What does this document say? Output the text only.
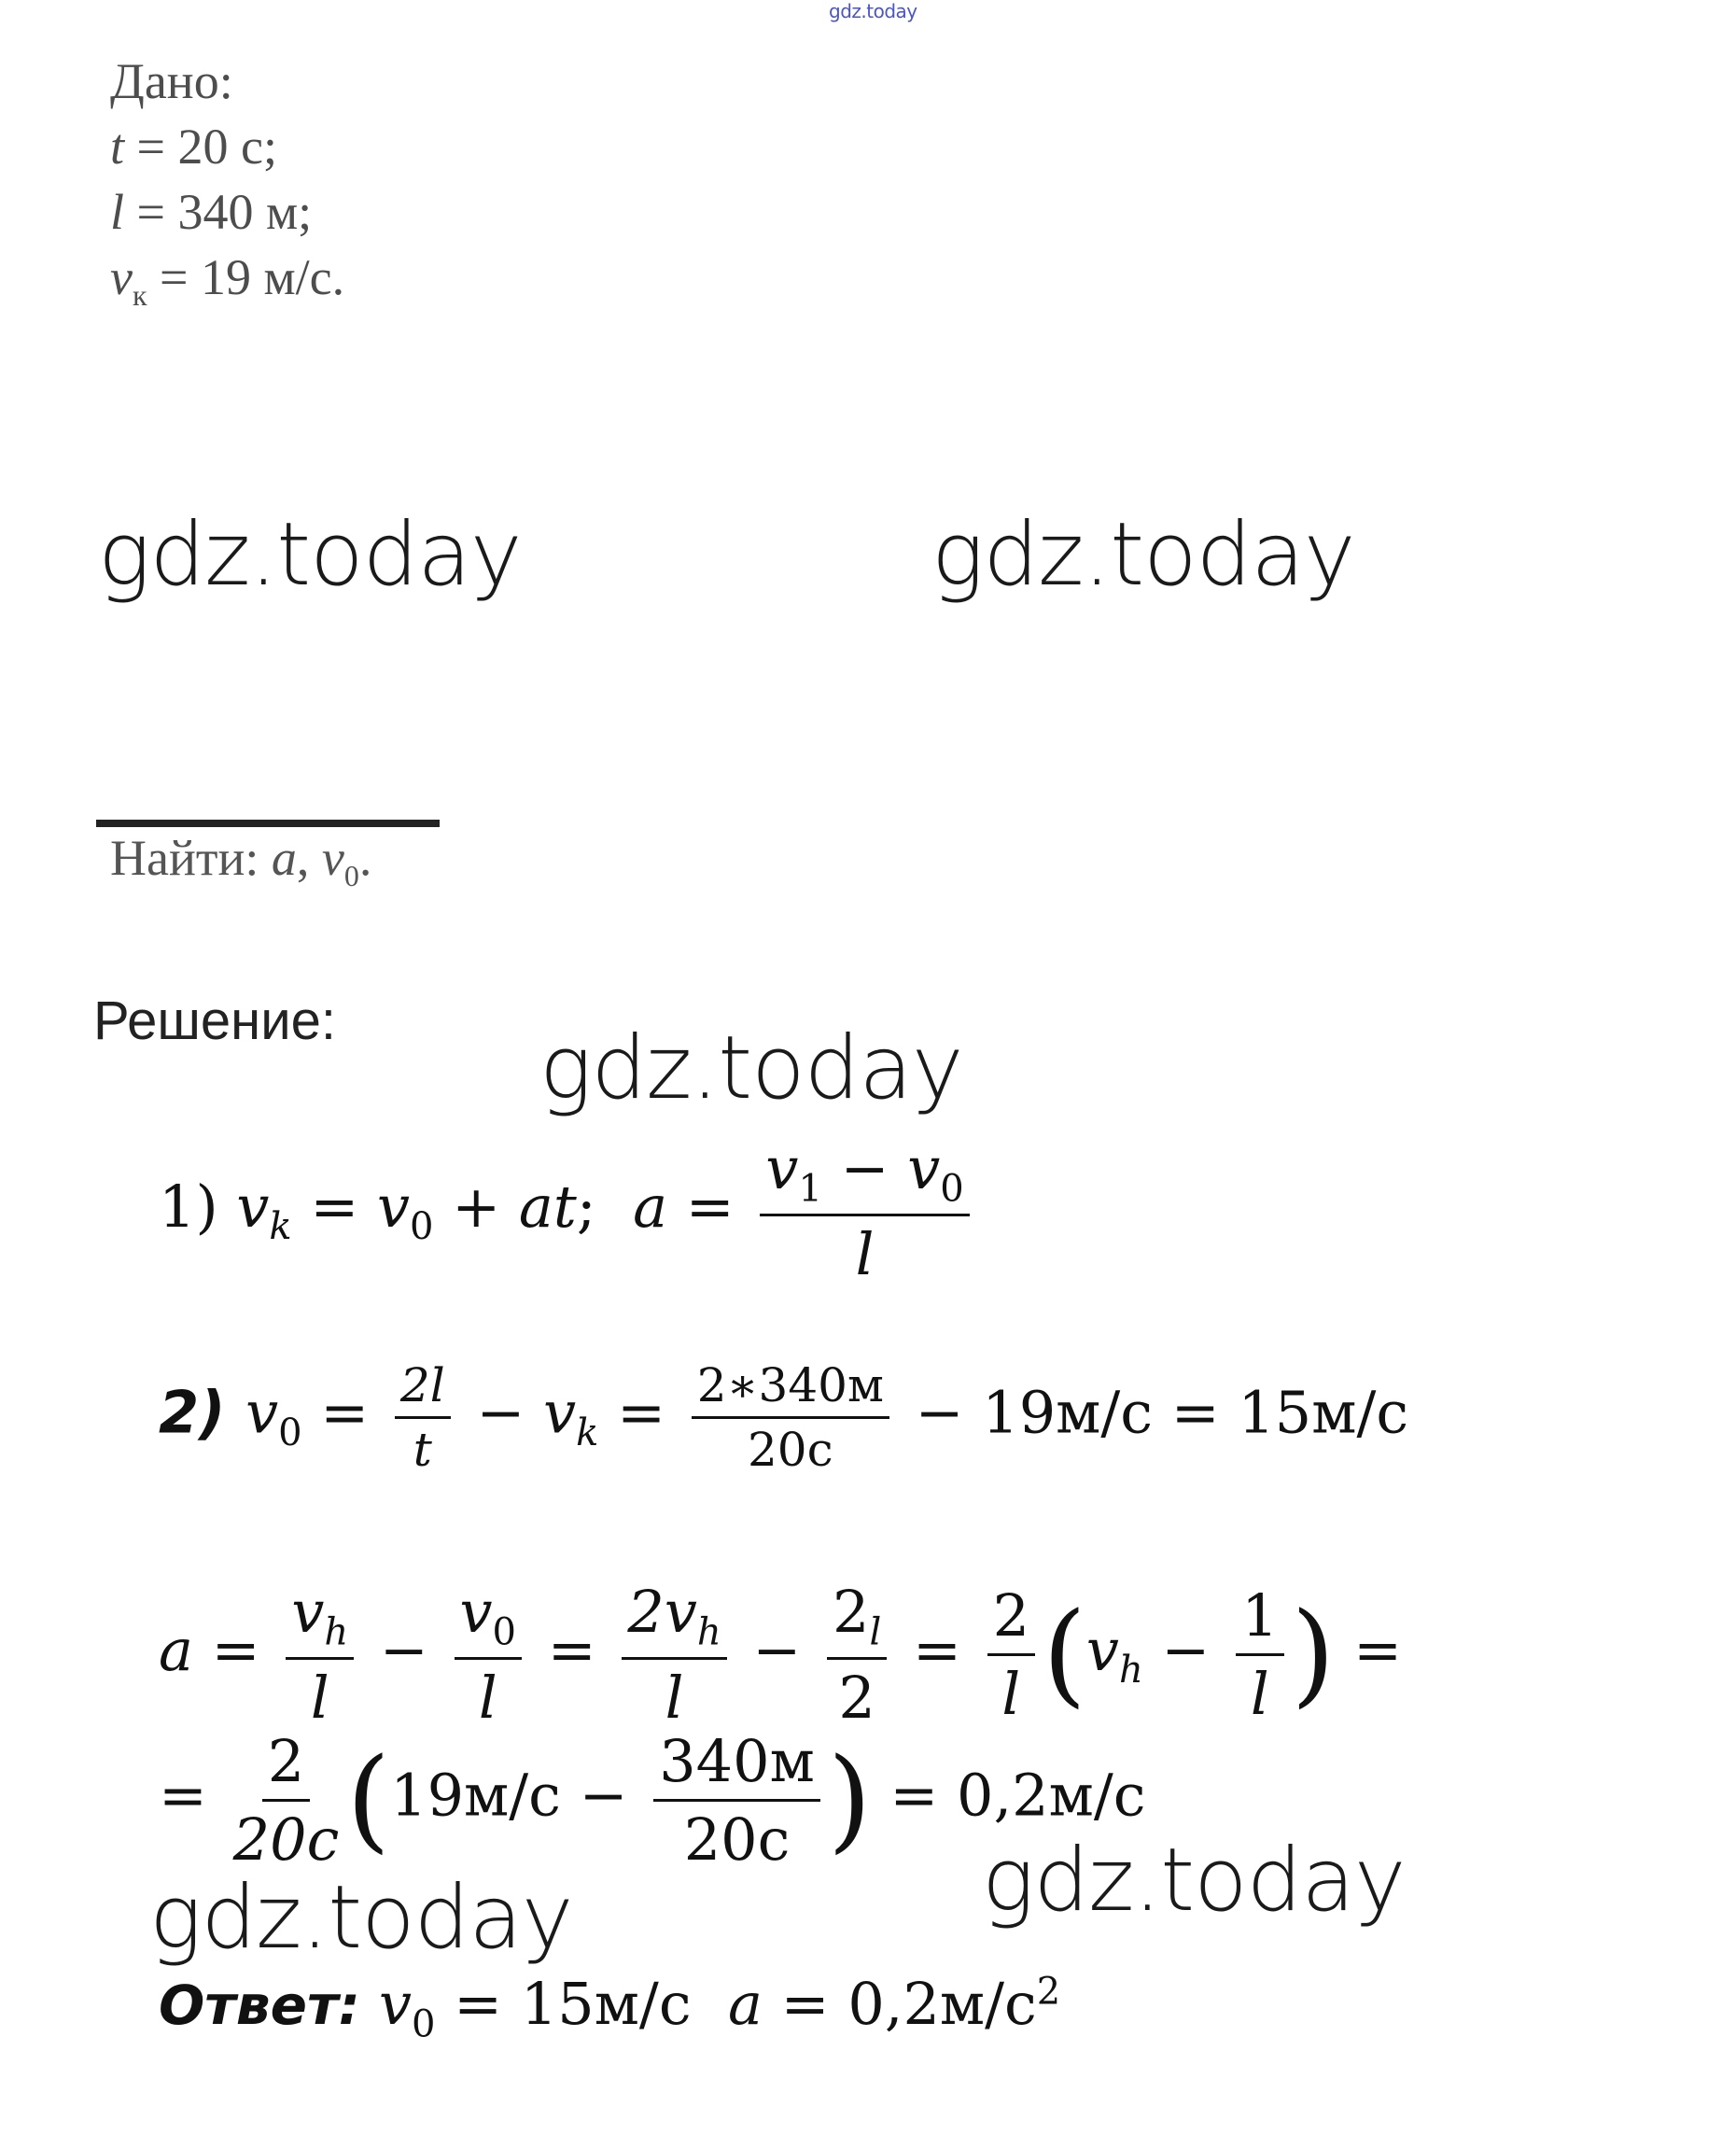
gdz.today
Дано:
t = 20 с;
l = 340 м;
$v_к = 19$ м/с.
gdz.today	gdz.today
Найти: a, $v_0$.
Решение: gdz.today
1) $v_k = v_0$ + at; $a = \frac{v_1 - v_0}{l}$
2) $v_0 = \frac{2l}{t} - v_k = \frac{2∗340м}{20с} - 19м/с = 15м/с$
$a = \frac{v_h}{l} - \frac{v_0}{l} = \frac{2v_h}{l} - \frac{2_l}{2} = \frac{2}{l} (v_h - \frac{1}{l}$ ) =
= $\frac{2}{20с} (19м/с - \frac{340м}{20с}$ ) = 0,2м/с
gdz.today
gdz.today
Ответ: $v_0 = 15м/с$  $a = 0,2м/с^2$
